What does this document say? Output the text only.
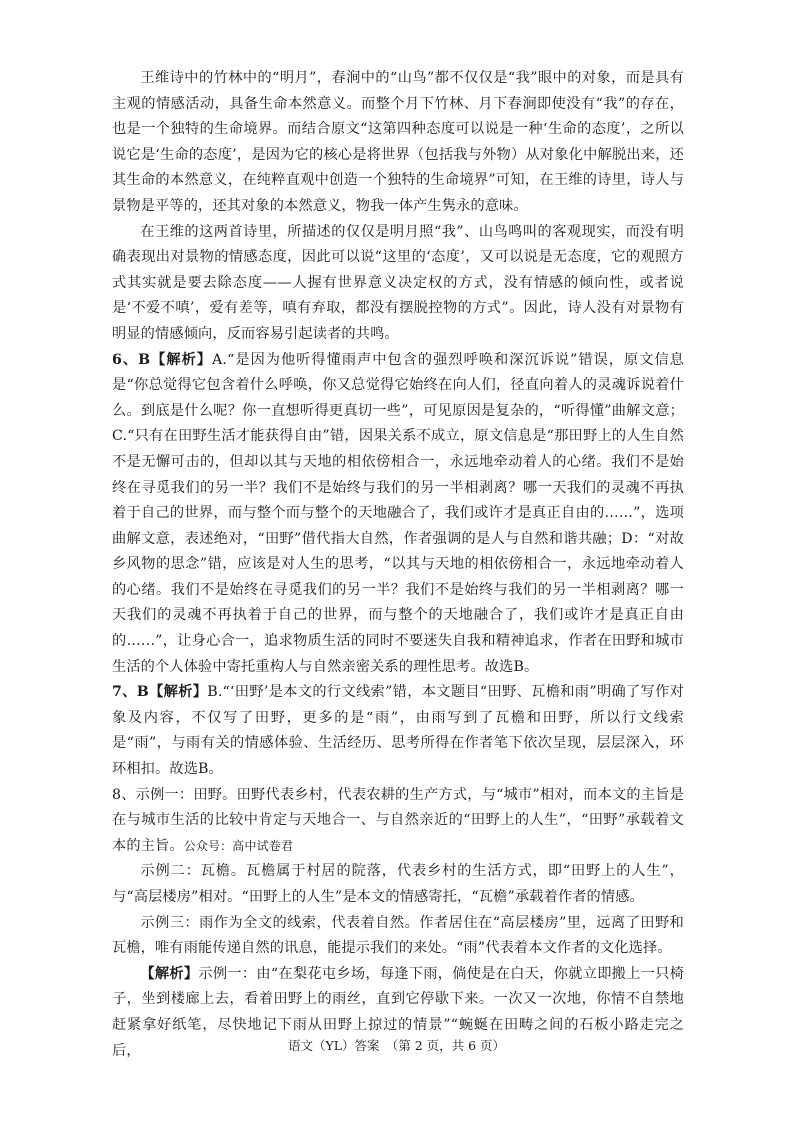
王维诗中的竹林中的“明月”，春涧中的“山鸟”都不仅仅是“我”眼中的对象，而是具有主观的情感活动，具备生命本然意义。而整个月下竹林、月下春涧即使没有“我”的存在，也是一个独特的生命境界。而结合原文“这第四种态度可以说是一种‘生命的态度’，之所以说它是‘生命的态度’，是因为它的核心是将世界（包括我与外物）从对象化中解脱出来，还其生命的本然意义，在纯粹直观中创造一个独特的生命境界”可知，在王维的诗里，诗人与景物是平等的，还其对象的本然意义，物我一体产生隽永的意味。

在王维的这两首诗里，所描述的仅仅是明月照“我”、山鸟鸣叫的客观现实，而没有明确表现出对景物的情感态度，因此可以说“这里的‘态度’，又可以说是无态度，它的观照方式其实就是要去除态度——人握有世界意义决定权的方式，没有情感的倾向性，或者说是‘不爱不嗔’，爱有差等，嗔有弃取，都没有摆脱控物的方式”。因此，诗人没有对景物有明显的情感倾向，反而容易引起读者的共鸣。

6、B【解析】A.“是因为他听得懂雨声中包含的强烈呼唤和深沉诉说”错误，原文信息是“你总觉得它包含着什么呼唤，你又总觉得它始终在向人们，径直向着人的灵魂诉说着什么。到底是什么呢？你一直想听得更真切一些”，可见原因是复杂的，“听得懂”曲解文意；C.“只有在田野生活才能获得自由”错，因果关系不成立，原文信息是“那田野上的人生自然不是无懈可击的，但却以其与天地的相依傍相合一，永远地牵动着人的心绪。我们不是始终在寻觅我们的另一半？我们不是始终与我们的另一半相剥离？哪一天我们的灵魂不再执着于自己的世界，而与整个而与整个的天地融合了，我们或许才是真正自由的……”，选项曲解文意，表述绝对，“田野”借代指大自然，作者强调的是人与自然和谐共融；D：“对故乡风物的思念”错，应该是对人生的思考，“以其与天地的相依傍相合一，永远地牵动着人的心绪。我们不是始终在寻觅我们的另一半？我们不是始终与我们的另一半相剥离？哪一天我们的灵魂不再执着于自己的世界，而与整个的天地融合了，我们或许才是真正自由的……”，让身心合一，追求物质生活的同时不要迷失自我和精神追求，作者在田野和城市生活的个人体验中寄托重构人与自然亲密关系的理性思考。故选B。

7、B【解析】B.“‘田野’是本文的行文线索”错，本文题目“田野、瓦檐和雨”明确了写作对象及内容，不仅写了田野，更多的是“雨”，由雨写到了瓦檐和田野，所以行文线索是“雨”，与雨有关的情感体验、生活经历、思考所得在作者笔下依次呈现，层层深入，环环相扣。故选B。

8、示例一：田野。田野代表乡村，代表农耕的生产方式，与“城市”相对，而本文的主旨是在与城市生活的比较中肯定与天地合一、与自然亲近的“田野上的人生”，“田野”承载着文本的主旨。公众号：高中试卷君

示例二：瓦檐。瓦檐属于村居的院落，代表乡村的生活方式，即“田野上的人生”，与“高层楼房”相对。“田野上的人生”是本文的情感寄托，“瓦檐”承载着作者的情感。

示例三：雨作为全文的线索，代表着自然。作者居住在“高层楼房”里，远离了田野和瓦檐，唯有雨能传递自然的讯息，能提示我们的来处。“雨”代表着本文作者的文化选择。

【解析】示例一：由“在梨花屯乡场，每逢下雨，倘使是在白天，你就立即搬上一只椅子，坐到楼廊上去，看着田野上的雨丝，直到它停歇下来。一次又一次地，你情不自禁地赶紧拿好纸笔，尽快地记下雨从田野上掠过的情景”“蜿蜒在田畴之间的石板小路走完之后，	语文（YL）答案　（第 2 页，共 6 页）
